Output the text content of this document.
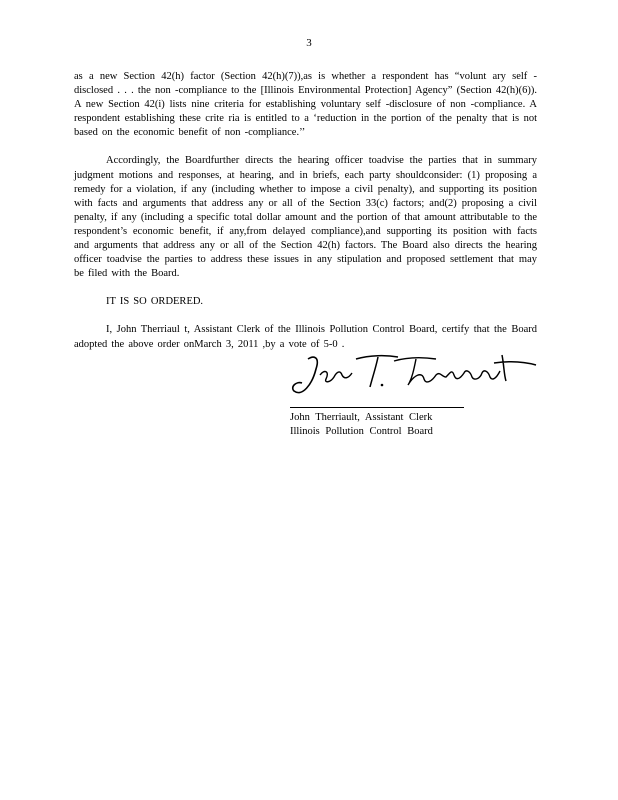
3

as a new Section 42(h) factor (Section 42(h)(7)),as is whether a respondent has “volunt ary self -disclosed . . . the non -compliance to the [Illinois Environmental Protection] Agency” (Section 42(h)(6)). A new Section 42(i) lists nine criteria for establishing voluntary self -disclosure of non -compliance. A respondent establishing these crite ria is entitled to a ‘reduction in the portion of the penalty that is not based on the economic benefit of non -compliance.’’

Accordingly, the Boardfurther directs the hearing officer toadvise the parties that in summary judgment motions and responses, at hearing, and in briefs, each party shouldconsider: (1) proposing a remedy for a violation, if any (including whether to impose a civil penalty), and supporting its position with facts and arguments that address any or all of the Section 33(c) factors; and(2) proposing a civil penalty, if any (including a specific total dollar amount and the portion of that amount attributable to the respondent’s economic benefit, if any,from delayed compliance),and supporting its position with facts and arguments that address any or all of the Section 42(h) factors. The Board also directs the hearing officer toadvise the parties to address these issues in any stipulation and proposed settlement that may be filed with the Board.

IT IS SO ORDERED.

I, John Therriaul t, Assistant Clerk of the Illinois Pollution Control Board, certify that the Board adopted the above order onMarch 3, 2011 ,by a vote of 5-0 .

John Therriault, Assistant Clerk
Illinois Pollution Control Board
